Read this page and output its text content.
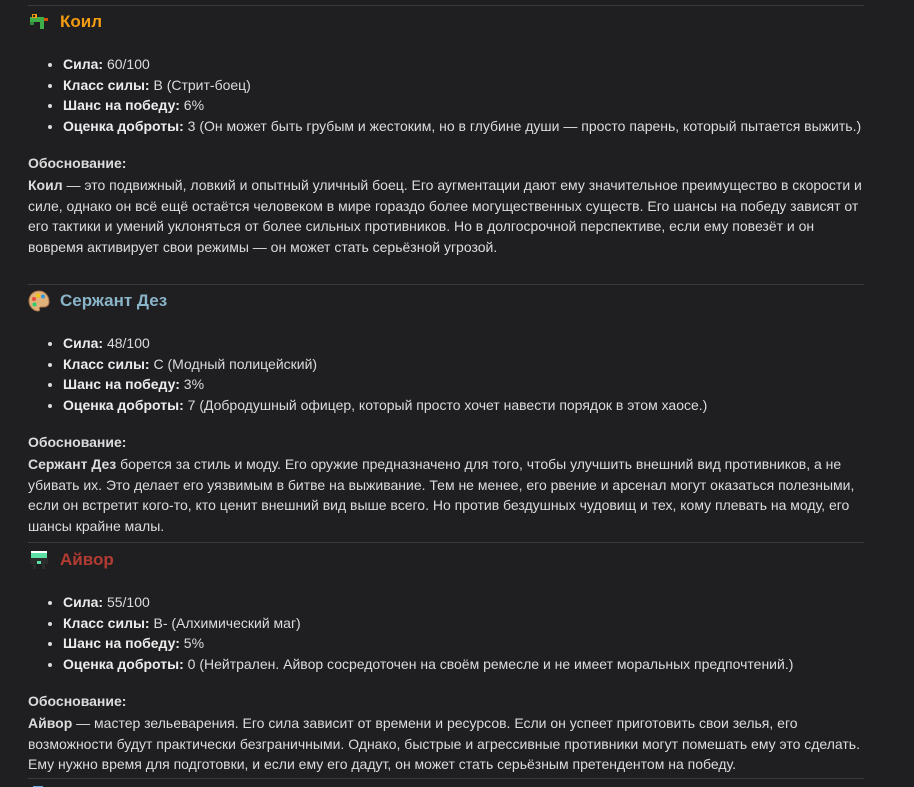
Коил
• Сила: 60/100
• Класс силы: B (Стрит-боец)
• Шанс на победу: 6%
• Оценка доброты: 3 (Он может быть грубым и жестоким, но в глубине души — просто парень, который пытается выжить.)
Обоснование:
Коил — это подвижный, ловкий и опытный уличный боец. Его аугментации дают ему значительное преимущество в скорости и силе, однако он всё ещё остаётся человеком в мире гораздо более могущественных существ. Его шансы на победу зависят от его тактики и умений уклоняться от более сильных противников. Но в долгосрочной перспективе, если ему повезёт и он вовремя активирует свои режимы — он может стать серьёзной угрозой.
Сержант Дез
• Сила: 48/100
• Класс силы: C (Модный полицейский)
• Шанс на победу: 3%
• Оценка доброты: 7 (Добродушный офицер, который просто хочет навести порядок в этом хаосе.)
Обоснование:
Сержант Дез борется за стиль и моду. Его оружие предназначено для того, чтобы улучшить внешний вид противников, а не убивать их. Это делает его уязвимым в битве на выживание. Тем не менее, его рвение и арсенал могут оказаться полезными, если он встретит кого-то, кто ценит внешний вид выше всего. Но против бездушных чудовищ и тех, кому плевать на моду, его шансы крайне малы.
Айвор
• Сила: 55/100
• Класс силы: B- (Алхимический маг)
• Шанс на победу: 5%
• Оценка доброты: 0 (Нейтрален. Айвор сосредоточен на своём ремесле и не имеет моральных предпочтений.)
Обоснование:
Айвор — мастер зельеварения. Его сила зависит от времени и ресурсов. Если он успеет приготовить свои зелья, его возможности будут практически безграничными. Однако, быстрые и агрессивные противники могут помешать ему это сделать. Ему нужно время для подготовки, и если ему его дадут, он может стать серьёзным претендентом на победу.
